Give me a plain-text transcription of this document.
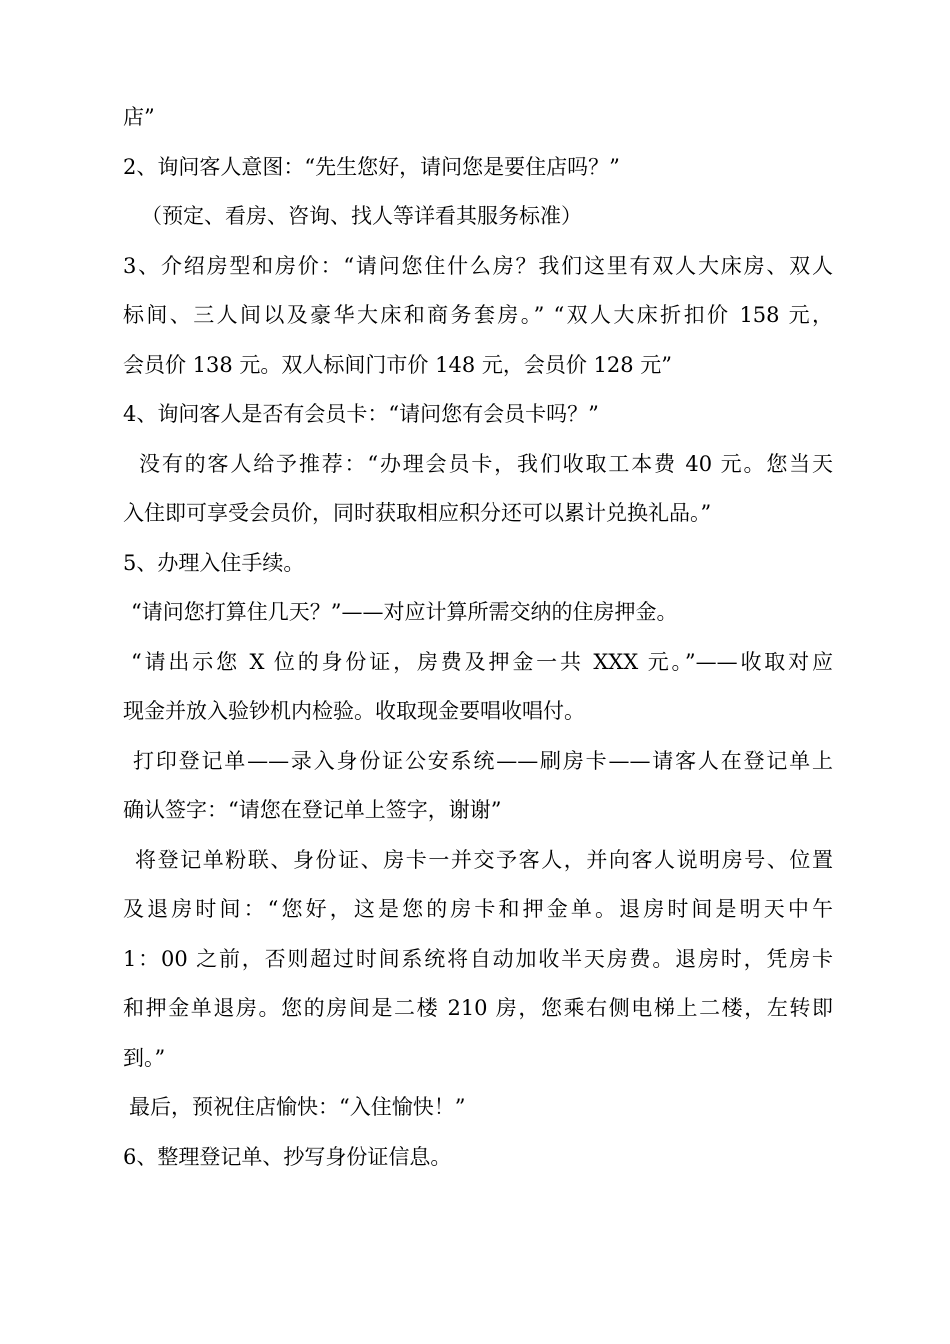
店”
2、询问客人意图：“先生您好，请问您是要住店吗？”
（预定、看房、咨询、找人等详看其服务标准）
3、介绍房型和房价：“请问您住什么房？我们这里有双人大床房、双人
标间、三人间以及豪华大床和商务套房。” “双人大床折扣价 158 元，
会员价 138 元。双人标间门市价 148 元，会员价 128 元”
4、询问客人是否有会员卡：“请问您有会员卡吗？”
没有的客人给予推荐：“办理会员卡，我们收取工本费 40 元。您当天
入住即可享受会员价，同时获取相应积分还可以累计兑换礼品。”
5、办理入住手续。
“请问您打算住几天？”——对应计算所需交纳的住房押金。
“请出示您 X 位的身份证，房费及押金一共 XXX 元。”——收取对应
现金并放入验钞机内检验。收取现金要唱收唱付。
打印登记单——录入身份证公安系统——刷房卡——请客人在登记单上
确认签字：“请您在登记单上签字，谢谢”
将登记单粉联、身份证、房卡一并交予客人，并向客人说明房号、位置
及退房时间：“您好，这是您的房卡和押金单。退房时间是明天中午
1：00 之前，否则超过时间系统将自动加收半天房费。退房时，凭房卡
和押金单退房。您的房间是二楼 210 房，您乘右侧电梯上二楼，左转即
到。”
最后，预祝住店愉快：“入住愉快！”
6、整理登记单、抄写身份证信息。
